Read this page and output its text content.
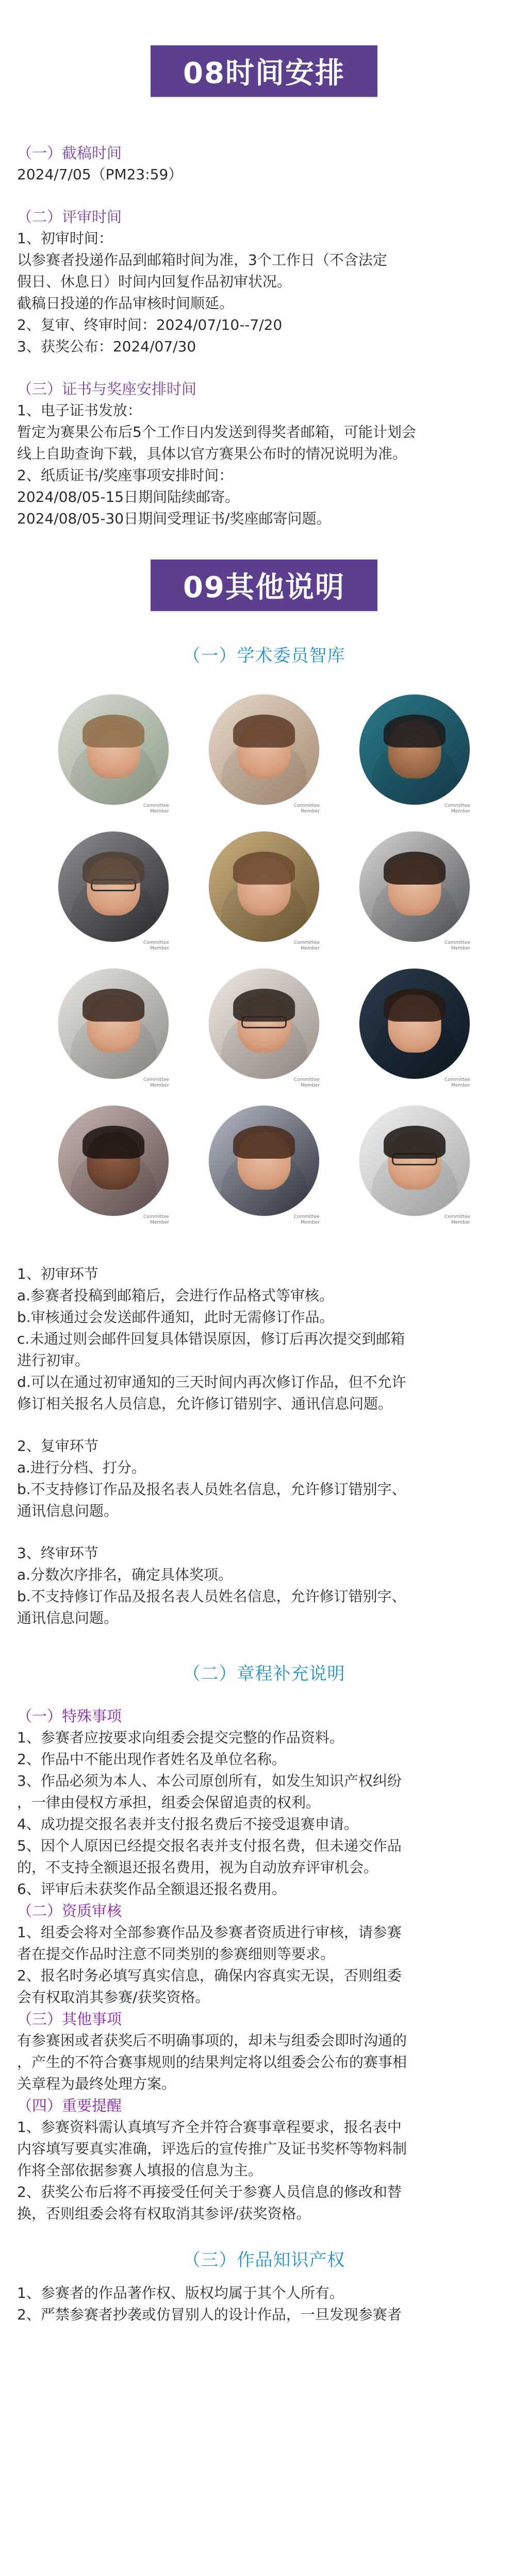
08时间安排
（一）截稿时间
2024/7/05（PM23:59）
（二）评审时间
1、初审时间：
以参赛者投递作品到邮箱时间为准，3个工作日（不含法定
假日、休息日）时间内回复作品初审状况。
截稿日投递的作品审核时间顺延。
2、复审、终审时间：2024/07/10--7/20
3、获奖公布：2024/07/30
（三）证书与奖座安排时间
1、电子证书发放：
暂定为赛果公布后5个工作日内发送到得奖者邮箱，可能计划会
线上自助查询下载，具体以官方赛果公布时的情况说明为准。
2、纸质证书/奖座事项安排时间：
2024/08/05-15日期间陆续邮寄。
2024/08/05-30日期间受理证书/奖座邮寄问题。
09其他说明
（一）学术委员智库
Committee Member
Committee Member
Committee Member
Committee Member
Committee Member
Committee Member
Committee Member
Committee Member
Committee Member
Committee Member
Committee Member
Committee Member
1、初审环节
a.参赛者投稿到邮箱后，会进行作品格式等审核。
b.审核通过会发送邮件通知，此时无需修订作品。
c.未通过则会邮件回复具体错误原因，修订后再次提交到邮箱
进行初审。
d.可以在通过初审通知的三天时间内再次修订作品，但不允许
修订相关报名人员信息，允许修订错别字、通讯信息问题。
2、复审环节
a.进行分档、打分。
b.不支持修订作品及报名表人员姓名信息，允许修订错别字、
通讯信息问题。
3、终审环节
a.分数次序排名，确定具体奖项。
b.不支持修订作品及报名表人员姓名信息，允许修订错别字、
通讯信息问题。
（二）章程补充说明
（一）特殊事项
1、参赛者应按要求向组委会提交完整的作品资料。
2、作品中不能出现作者姓名及单位名称。
3、作品必须为本人、本公司原创所有，如发生知识产权纠纷
，一律由侵权方承担，组委会保留追责的权利。
4、成功提交报名表并支付报名费后不接受退赛申请。
5、因个人原因已经提交报名表并支付报名费，但未递交作品
的，不支持全额退还报名费用，视为自动放弃评审机会。
6、评审后未获奖作品全额退还报名费用。
（二）资质审核
1、组委会将对全部参赛作品及参赛者资质进行审核，请参赛
者在提交作品时注意不同类别的参赛细则等要求。
2、报名时务必填写真实信息，确保内容真实无误，否则组委
会有权取消其参赛/获奖资格。
（三）其他事项
有参赛困或者获奖后不明确事项的，却未与组委会即时沟通的
，产生的不符合赛事规则的结果判定将以组委会公布的赛事相
关章程为最终处理方案。
（四）重要提醒
1、参赛资料需认真填写齐全并符合赛事章程要求，报名表中
内容填写要真实准确，评选后的宣传推广及证书奖杯等物料制
作将全部依据参赛人填报的信息为主。
2、获奖公布后将不再接受任何关于参赛人员信息的修改和替
换，否则组委会将有权取消其参评/获奖资格。
（三）作品知识产权
1、参赛者的作品著作权、版权均属于其个人所有。
2、严禁参赛者抄袭或仿冒别人的设计作品，一旦发现参赛者
